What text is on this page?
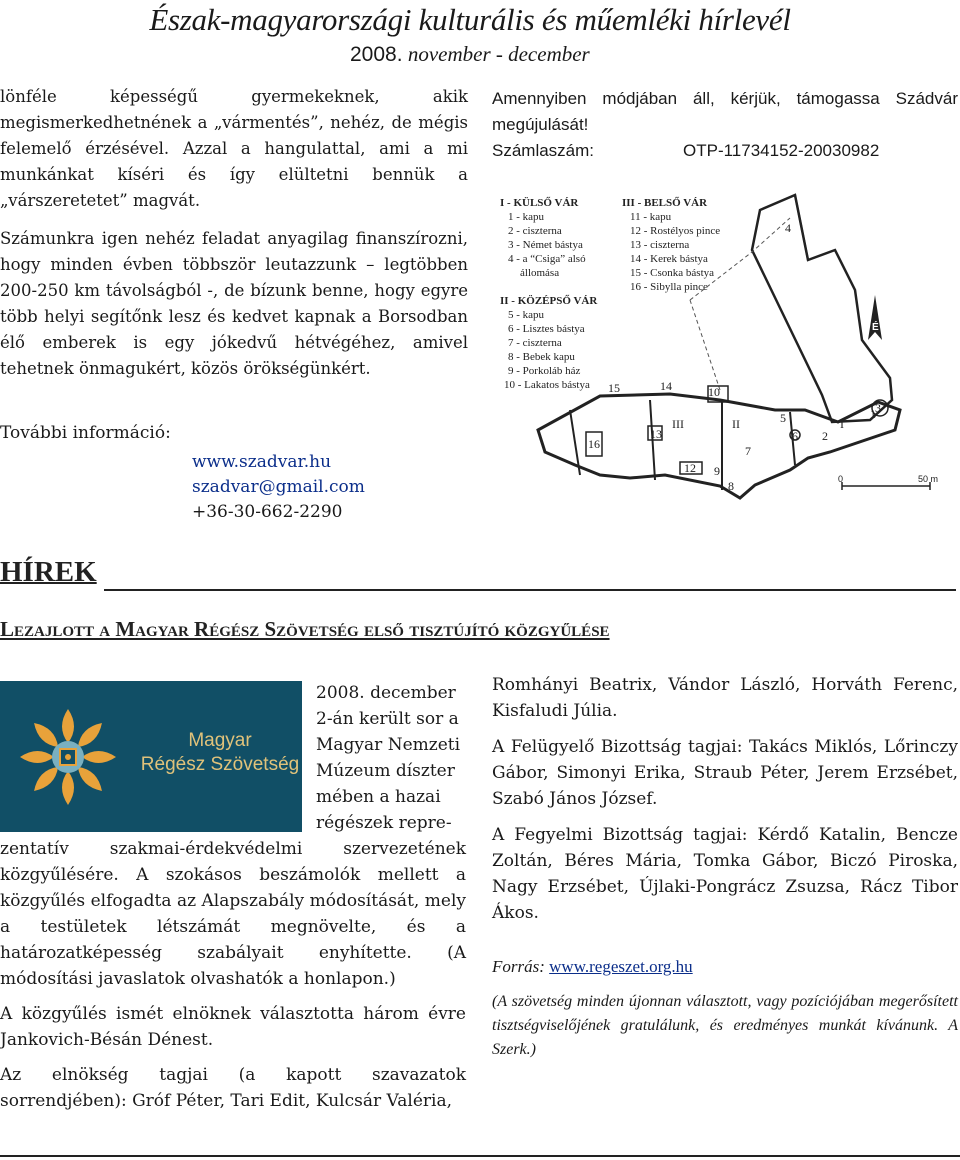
Észak-magyarországi kulturális és műemléki hírlevél
2008. november - december

lönféle képességű gyermekeknek, akik megismerkedhetnének a „vármentés”, nehéz, de mégis felemelő érzésével. Azzal a hangulattal, ami a mi munkánkat kíséri és így elültetni bennük a „várszeretetet” magvát.

Számunkra igen nehéz feladat anyagilag finanszírozni, hogy minden évben többször leutazzunk – legtöbben 200-250 km távolságból -, de bízunk benne, hogy egyre több helyi segítőnk lesz és kedvet kapnak a Borsodban élő emberek is egy jókedvű hétvégéhez, amivel tehetnek önmagukért, közös örökségünkért.

További információ:
www.szadvar.hu
szadvar@gmail.com
+36-30-662-2290
Amennyiben módjában áll, kérjük, támogassa Szádvár megújulását!
Számlaszám:	OTP-11734152-20030982
I - KÜLSŐ VÁR
1 - kapu
2 - ciszterna
3 - Német bástya
4 - a “Csiga” alsó
állomása
II - KÖZÉPSŐ VÁR
5 - kapu
6 - Lisztes bástya
7 - ciszterna
8 - Bebek kapu
9 - Porkoláb ház
10 - Lakatos bástya
III - BELSŐ VÁR
11 - kapu
12 - Rostélyos pince
13 - ciszterna
14 - Kerek bástya
15 - Csonka bástya
16 - Sibylla pince
É
III	II	I
1
2
3
4
5
6
7
8
9
10
12
13
14
15
16
0	50 m
HÍREK
Lezajlott a Magyar Régész Szövetség első tisztújító közgyűlése
Magyar
Régész Szövetség
2008. december
2-án került sor a
Magyar Nemzeti
Múzeum díszter
mében a hazai
régészek repre-

zentatív szakmai-érdekvédelmi szervezetének közgyűlésére. A szokásos beszámolók mellett a közgyűlés elfogadta az Alapszabály módosítását, mely a testületek létszámát megnövelte, és a határozatképesség szabályait enyhítette. (A módosítási javaslatok olvashatók a honlapon.)

A közgyűlés ismét elnöknek választotta három évre Jankovich-Bésán Dénest.

Az elnökség tagjai (a kapott szavazatok sorrendjében): Gróf Péter, Tari Edit, Kulcsár Valéria,

Romhányi Beatrix, Vándor László, Horváth Ferenc, Kisfaludi Júlia.

A Felügyelő Bizottság tagjai: Takács Miklós, Lőrinczy Gábor, Simonyi Erika, Straub Péter, Jerem Erzsébet, Szabó János József.

A Fegyelmi Bizottság tagjai: Kérdő Katalin, Bencze Zoltán, Béres Mária, Tomka Gábor, Biczó Piroska, Nagy Erzsébet, Újlaki-Pongrácz Zsuzsa, Rácz Tibor Ákos.

Forrás: www.regeszet.org.hu
(A szövetség minden újonnan választott, vagy pozíciójában megerősített tisztségviselőjének gratulálunk, és eredményes munkát kívánunk. A Szerk.)
